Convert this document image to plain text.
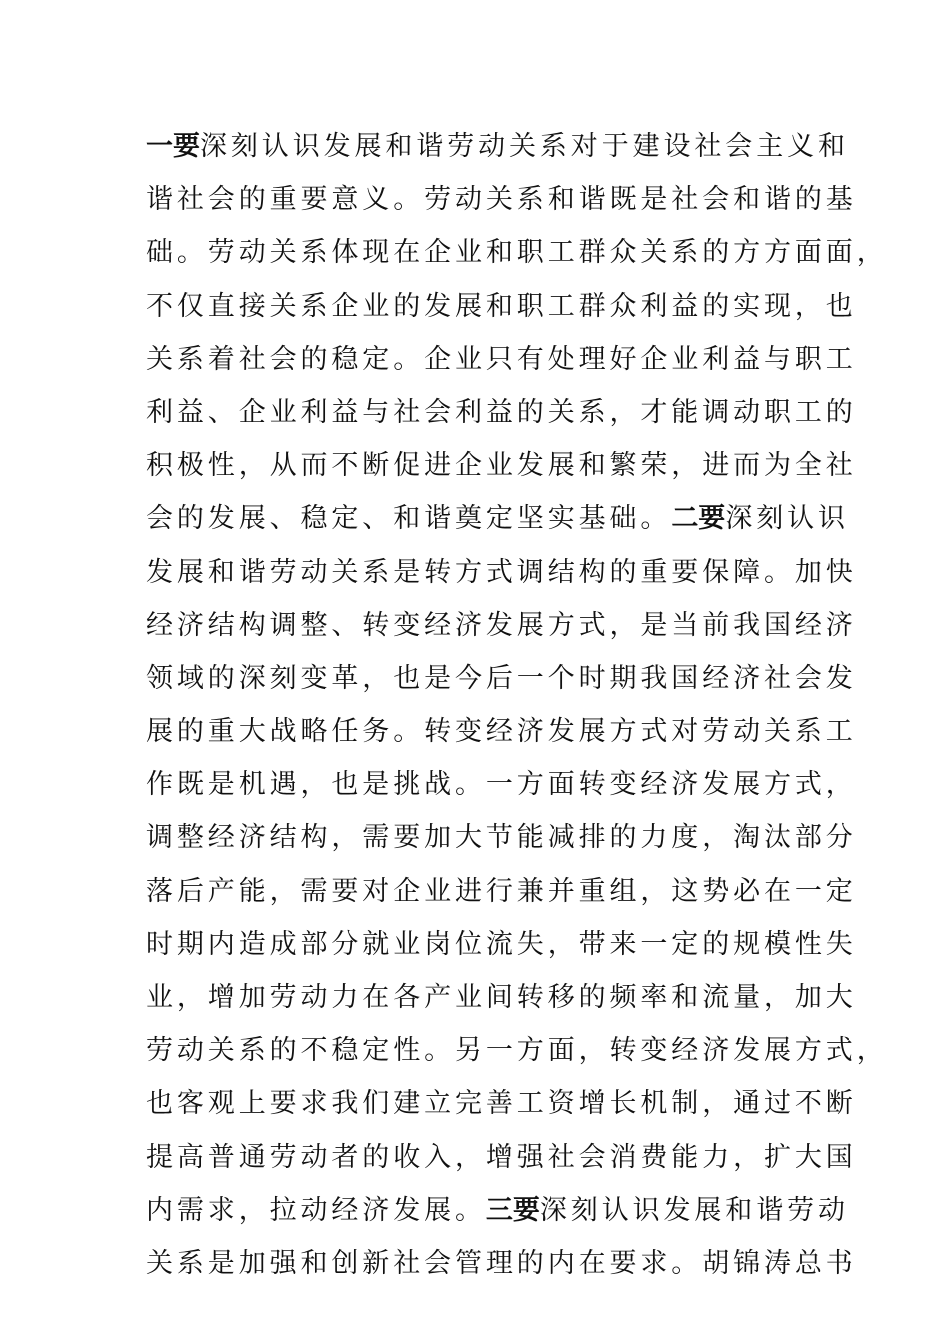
一要深刻认识发展和谐劳动关系对于建设社会主义和
谐社会的重要意义。劳动关系和谐既是社会和谐的基
础。劳动关系体现在企业和职工群众关系的方方面面，
不仅直接关系企业的发展和职工群众利益的实现，也
关系着社会的稳定。企业只有处理好企业利益与职工
利益、企业利益与社会利益的关系，才能调动职工的
积极性，从而不断促进企业发展和繁荣，进而为全社
会的发展、稳定、和谐奠定坚实基础。二要深刻认识
发展和谐劳动关系是转方式调结构的重要保障。加快
经济结构调整、转变经济发展方式，是当前我国经济
领域的深刻变革，也是今后一个时期我国经济社会发
展的重大战略任务。转变经济发展方式对劳动关系工
作既是机遇，也是挑战。一方面转变经济发展方式，
调整经济结构，需要加大节能减排的力度，淘汰部分
落后产能，需要对企业进行兼并重组，这势必在一定
时期内造成部分就业岗位流失，带来一定的规模性失
业，增加劳动力在各产业间转移的频率和流量，加大
劳动关系的不稳定性。另一方面，转变经济发展方式，
也客观上要求我们建立完善工资增长机制，通过不断
提高普通劳动者的收入，增强社会消费能力，扩大国
内需求，拉动经济发展。三要深刻认识发展和谐劳动
关系是加强和创新社会管理的内在要求。胡锦涛总书
